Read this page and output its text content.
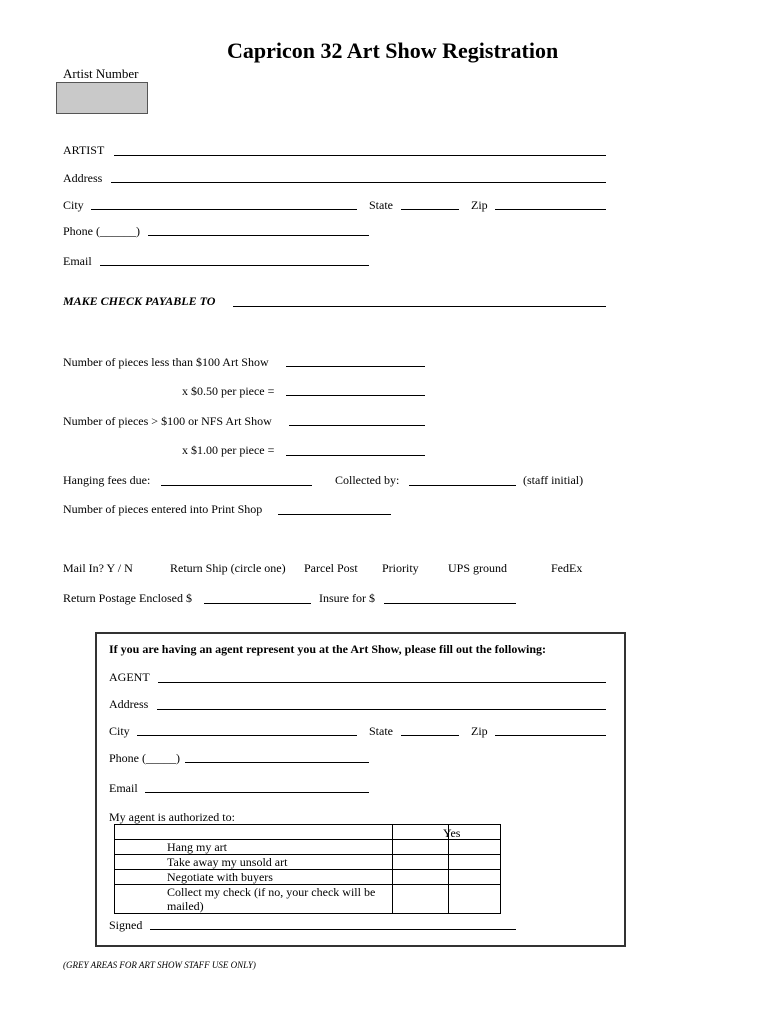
Capricon 32 Art Show Registration
Artist Number
ARTIST
Address
City	State	Zip
Phone (______)
Email
MAKE CHECK PAYABLE TO
Number of pieces less than $100 Art Show
x $0.50 per piece =
Number of pieces > $100 or NFS Art Show
x $1.00 per piece =
Hanging fees due:	Collected by:	(staff initial)
Number of pieces entered into Print Shop
Mail In? Y / N	Return Ship (circle one) Parcel Post Priority UPS ground	FedEx
Return Postage Enclosed $	Insure for $
If you are having an agent represent you at the Art Show, please fill out the following:
AGENT
Address
City	State	Zip
Phone (_____)
Email
My agent is authorized to:

		Yes

Hang my art		
Take away my unsold art		
Negotiate with buyers		
Collect my check (if no, your check will be mailed)		
Signed
(GREY AREAS FOR ART SHOW STAFF USE ONLY)
